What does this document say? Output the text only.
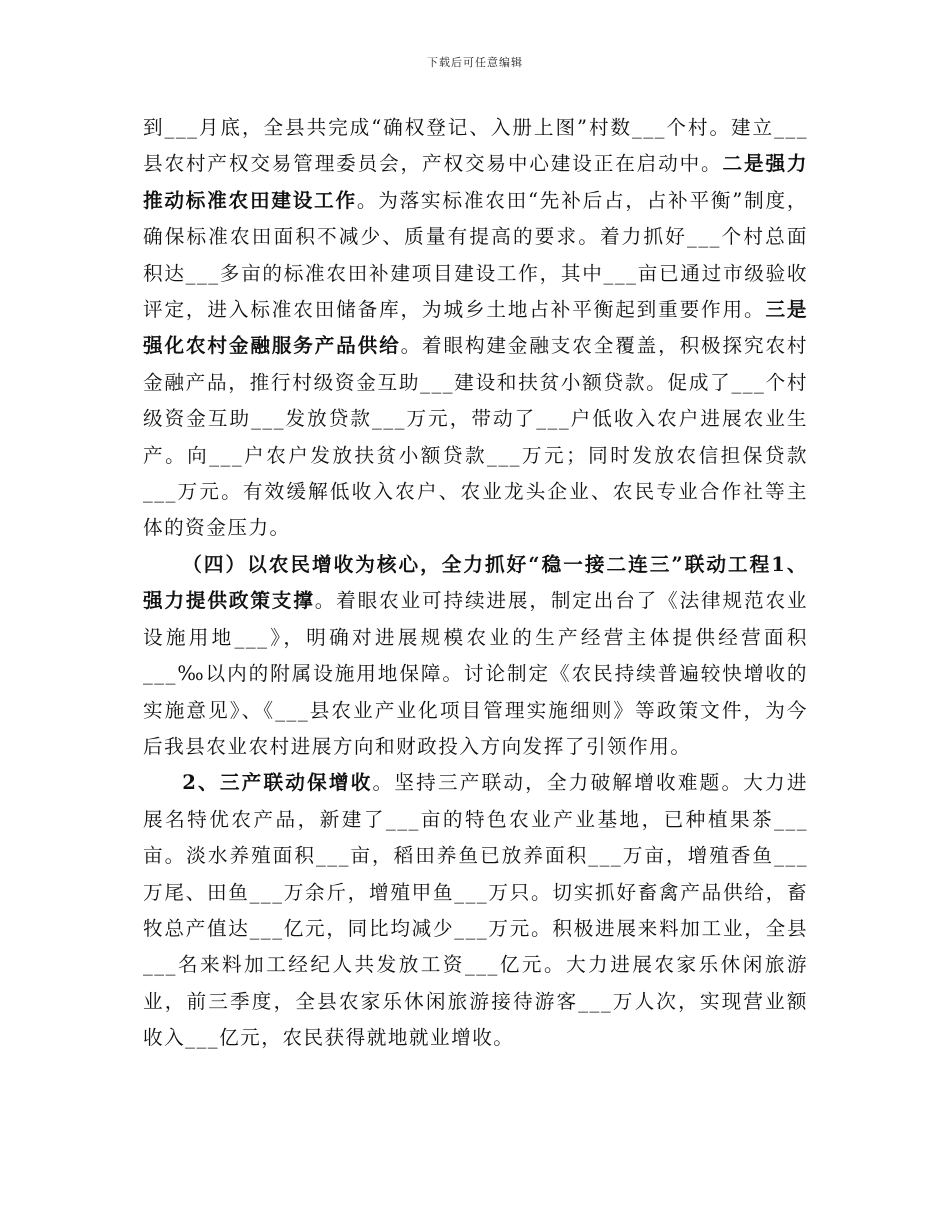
下载后可任意编辑

到___月底，全县共完成“确权登记、入册上图”村数___个村。建立___县农村产权交易管理委员会，产权交易中心建设正在启动中。二是强力推动标准农田建设工作。为落实标准农田“先补后占，占补平衡”制度，确保标准农田面积不减少、质量有提高的要求。着力抓好___个村总面积达___多亩的标准农田补建项目建设工作，其中___亩已通过市级验收评定，进入标准农田储备库，为城乡土地占补平衡起到重要作用。三是强化农村金融服务产品供给。着眼构建金融支农全覆盖，积极探究农村金融产品，推行村级资金互助___建设和扶贫小额贷款。促成了___个村级资金互助___发放贷款___万元，带动了___户低收入农户进展农业生产。向___户农户发放扶贫小额贷款___万元；同时发放农信担保贷款___万元。有效缓解低收入农户、农业龙头企业、农民专业合作社等主体的资金压力。

（四）以农民增收为核心，全力抓好“稳一接二连三”联动工程1、强力提供政策支撑。着眼农业可持续进展，制定出台了《法律规范农业设施用地___》，明确对进展规模农业的生产经营主体提供经营面积___‰以内的附属设施用地保障。讨论制定《农民持续普遍较快增收的实施意见》、《___县农业产业化项目管理实施细则》等政策文件，为今后我县农业农村进展方向和财政投入方向发挥了引领作用。

2、三产联动保增收。坚持三产联动，全力破解增收难题。大力进展名特优农产品，新建了___亩的特色农业产业基地，已种植果茶___亩。淡水养殖面积___亩，稻田养鱼已放养面积___万亩，增殖香鱼___万尾、田鱼___万余斤，增殖甲鱼___万只。切实抓好畜禽产品供给，畜牧总产值达___亿元，同比均减少___万元。积极进展来料加工业，全县___名来料加工经纪人共发放工资___亿元。大力进展农家乐休闲旅游业，前三季度，全县农家乐休闲旅游接待游客___万人次，实现营业额收入___亿元，农民获得就地就业增收。
